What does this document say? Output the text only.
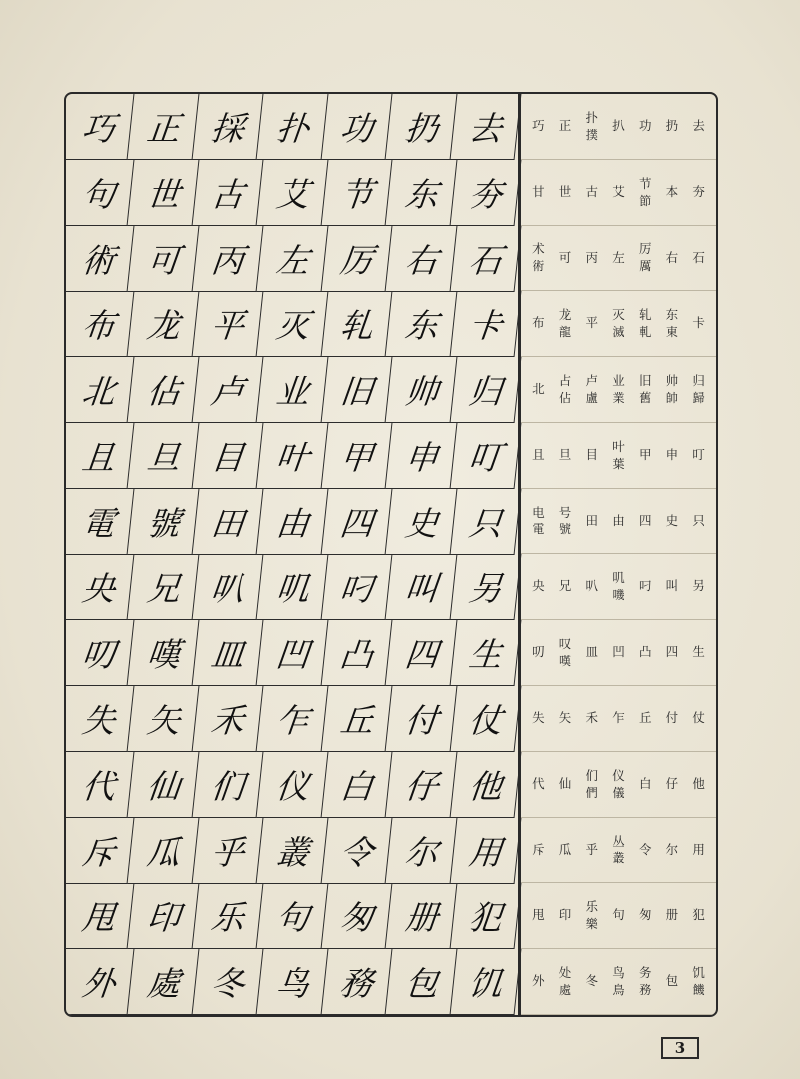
巧 正 採 扑 功 扔 去
句 世 古 艾 节 东 夯
術 可 丙 左 厉 右 石
布 龙 平 灭 轧 东 卡
北 佔 卢 业 旧 帅 归
且 旦 目 叶 甲 申 叮
電 號 田 由 四 史 只
央 兄 叭 叽 叼 叫 另
叨 嘆 皿 凹 凸 四 生
失 矢 禾 乍 丘 付 仗
代 仙 们 仪 白 仔 他
斥 瓜 乎 叢 令 尔 用
甩 印 乐 句 匆 册 犯
外 處 冬 鸟 務 包 饥
巧 正
扑
撲
扒 功 扔 去
甘 世 古 艾
节
節
本 夯
术
術
可 丙 左
厉
厲
右 石
布
龙
龍
平
灭
滅
轧
軋
东
東
卡
北
占
佔
卢
盧
业
業
旧
舊
帅
帥
归
歸
且 旦 目
叶
葉
甲 申 叮
电
電
号
號
田 由 四 史 只
央 兄 叭
叽
嘰
叼 叫 另
叨
叹
嘆
皿 凹 凸 四 生
失 矢 禾 乍 丘 付 仗
代 仙
们
們
仪
儀
白 仔 他
斥 瓜 乎
丛
叢
令 尔 用
甩 印
乐
樂
句 匆 册 犯
外
处
處
冬
鸟
鳥
务
務
包
饥
饑
3
